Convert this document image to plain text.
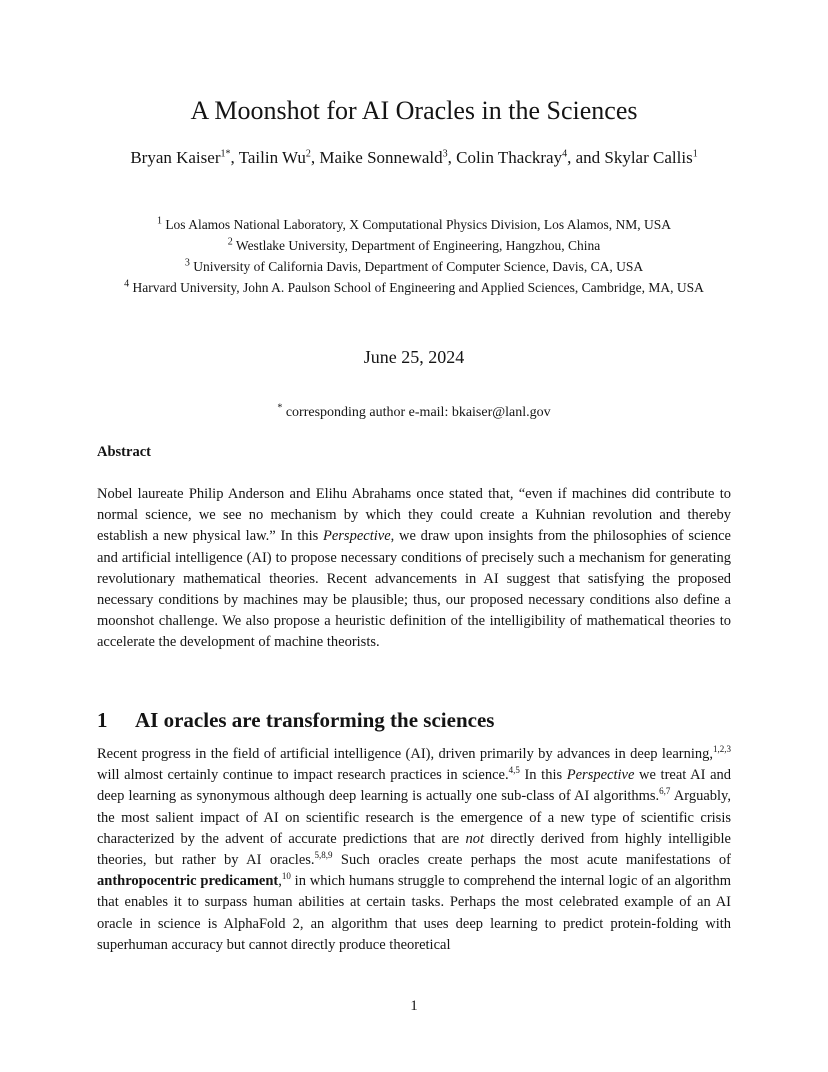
A Moonshot for AI Oracles in the Sciences
Bryan Kaiser$^{1*}$, Tailin Wu$^2$, Maike Sonnewald$^3$, Colin Thackray$^4$, and Skylar Callis$^1$
$^1$ Los Alamos National Laboratory, X Computational Physics Division, Los Alamos, NM, USA
$^2$ Westlake University, Department of Engineering, Hangzhou, China
$^3$ University of California Davis, Department of Computer Science, Davis, CA, USA
$^4$ Harvard University, John A. Paulson School of Engineering and Applied Sciences, Cambridge, MA, USA
June 25, 2024
* corresponding author e-mail: bkaiser@lanl.gov
Abstract

Nobel laureate Philip Anderson and Elihu Abrahams once stated that, “even if machines did contribute to normal science, we see no mechanism by which they could create a Kuhnian revolution and thereby establish a new physical law.” In this Perspective, we draw upon insights from the philosophies of science and artificial intelligence (AI) to propose necessary conditions of precisely such a mechanism for generating revolutionary mathematical theories. Recent advancements in AI suggest that satisfying the proposed necessary conditions by machines may be plausible; thus, our proposed necessary conditions also define a moonshot challenge. We also propose a heuristic definition of the intelligibility of mathematical theories to accelerate the development of machine theorists.

1 AI oracles are transforming the sciences

Recent progress in the field of artificial intelligence (AI), driven primarily by advances in deep learning,$^{1,2,3}$ will almost certainly continue to impact research practices in science.$^{4,5}$ In this Perspective we treat AI and deep learning as synonymous although deep learning is actually one sub-class of AI algorithms.$^{6,7}$ Arguably, the most salient impact of AI on scientific research is the emergence of a new type of scientific crisis characterized by the advent of accurate predictions that are not directly derived from highly intelligible theories, but rather by AI oracles.$^{5,8,9}$ Such oracles create perhaps the most acute manifestations of anthropocentric predicament,$^{10}$ in which humans struggle to comprehend the internal logic of an algorithm that enables it to surpass human abilities at certain tasks. Perhaps the most celebrated example of an AI oracle in science is AlphaFold 2, an algorithm that uses deep learning to predict protein-folding with superhuman accuracy but cannot directly produce theoretical

1
